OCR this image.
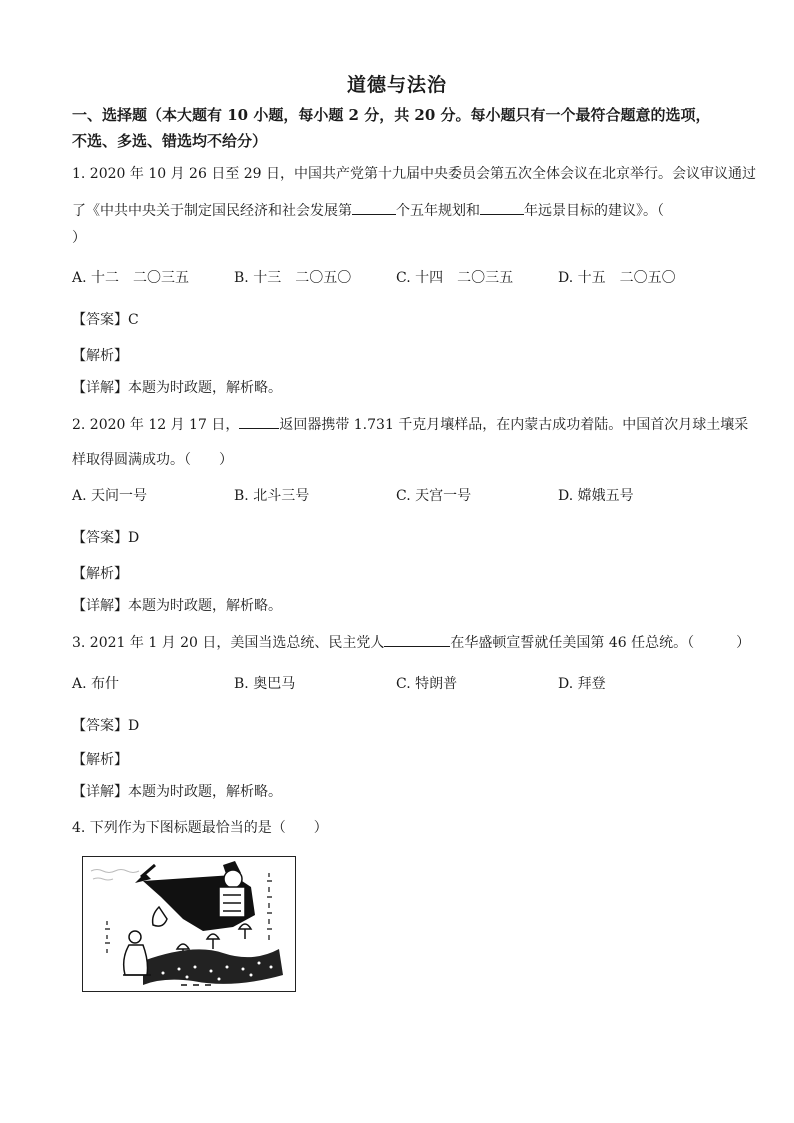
道德与法治
一、选择题（本大题有 10 小题，每小题 2 分，共 20 分。每小题只有一个最符合题意的选项，
不选、多选、错选均不给分）
1. 2020 年 10 月 26 日至 29 日，中国共产党第十九届中央委员会第五次全体会议在北京举行。会议审议通过
了《中共中央关于制定国民经济和社会发展第	个五年规划和	年远景目标的建议》。（
）
A. 十二　二〇三五	B. 十三　二〇五〇	C. 十四　二〇三五	D. 十五　二〇五〇
【答案】C
【解析】
【详解】本题为时政题，解析略。
2. 2020 年 12 月 17 日，	返回器携带 1.731 千克月壤样品，在内蒙古成功着陆。中国首次月球土壤采
样取得圆满成功。（　　）
A. 天问一号	B. 北斗三号	C. 天宫一号	D. 嫦娥五号
【答案】D
【解析】
【详解】本题为时政题，解析略。
3. 2021 年 1 月 20 日，美国当选总统、民主党人	在华盛顿宣誓就任美国第 46 任总统。（　　　）
A. 布什	B. 奥巴马	C. 特朗普	D. 拜登
【答案】D
【解析】
【详解】本题为时政题，解析略。
4. 下列作为下图标题最恰当的是（　　）
